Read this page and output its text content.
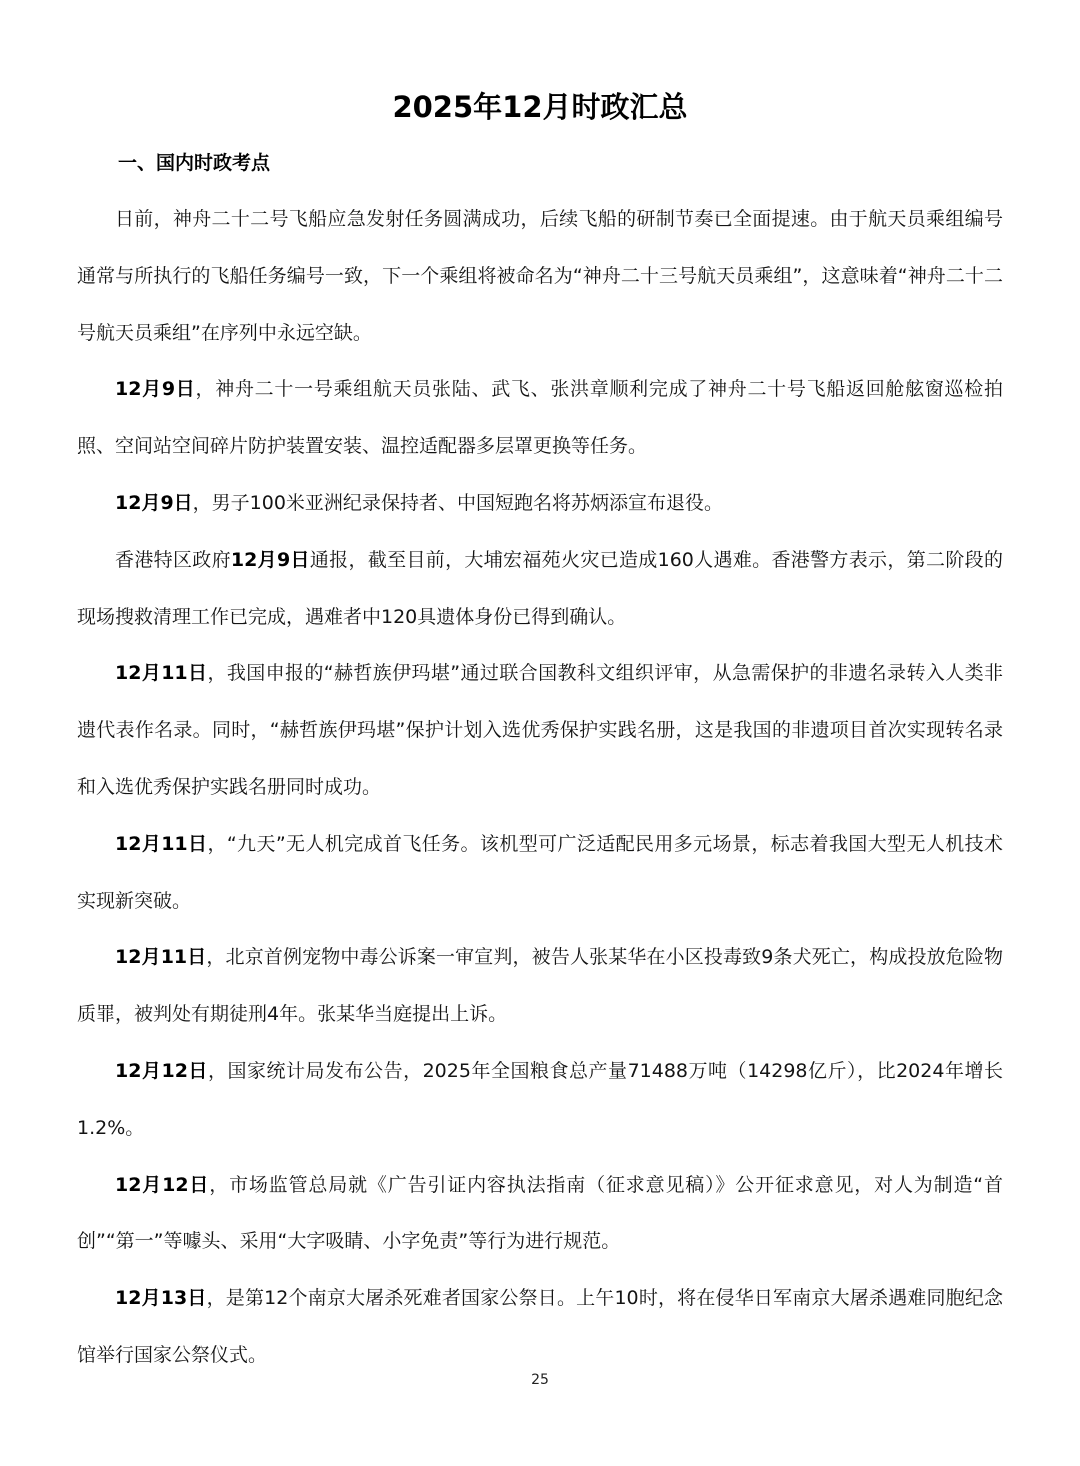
2025年12月时政汇总
一、国内时政考点

日前，神舟二十二号飞船应急发射任务圆满成功，后续飞船的研制节奏已全面提速。由于航天员乘组编号通常与所执行的飞船任务编号一致，下一个乘组将被命名为“神舟二十三号航天员乘组”，这意味着“神舟二十二号航天员乘组”在序列中永远空缺。

12月9日，神舟二十一号乘组航天员张陆、武飞、张洪章顺利完成了神舟二十号飞船返回舱舷窗巡检拍照、空间站空间碎片防护装置安装、温控适配器多层罩更换等任务。

12月9日，男子100米亚洲纪录保持者、中国短跑名将苏炳添宣布退役。

香港特区政府12月9日通报，截至目前，大埔宏福苑火灾已造成160人遇难。香港警方表示，第二阶段的现场搜救清理工作已完成，遇难者中120具遗体身份已得到确认。

12月11日，我国申报的“赫哲族伊玛堪”通过联合国教科文组织评审，从急需保护的非遗名录转入人类非遗代表作名录。同时，“赫哲族伊玛堪”保护计划入选优秀保护实践名册，这是我国的非遗项目首次实现转名录和入选优秀保护实践名册同时成功。

12月11日，“九天”无人机完成首飞任务。该机型可广泛适配民用多元场景，标志着我国大型无人机技术实现新突破。

12月11日，北京首例宠物中毒公诉案一审宣判，被告人张某华在小区投毒致9条犬死亡，构成投放危险物质罪，被判处有期徒刑4年。张某华当庭提出上诉。

12月12日，国家统计局发布公告，2025年全国粮食总产量71488万吨（14298亿斤），比2024年增长1.2%。

12月12日，市场监管总局就《广告引证内容执法指南（征求意见稿）》公开征求意见，对人为制造“首创”“第一”等噱头、采用“大字吸睛、小字免责”等行为进行规范。

12月13日，是第12个南京大屠杀死难者国家公祭日。上午10时，将在侵华日军南京大屠杀遇难同胞纪念馆举行国家公祭仪式。

25
